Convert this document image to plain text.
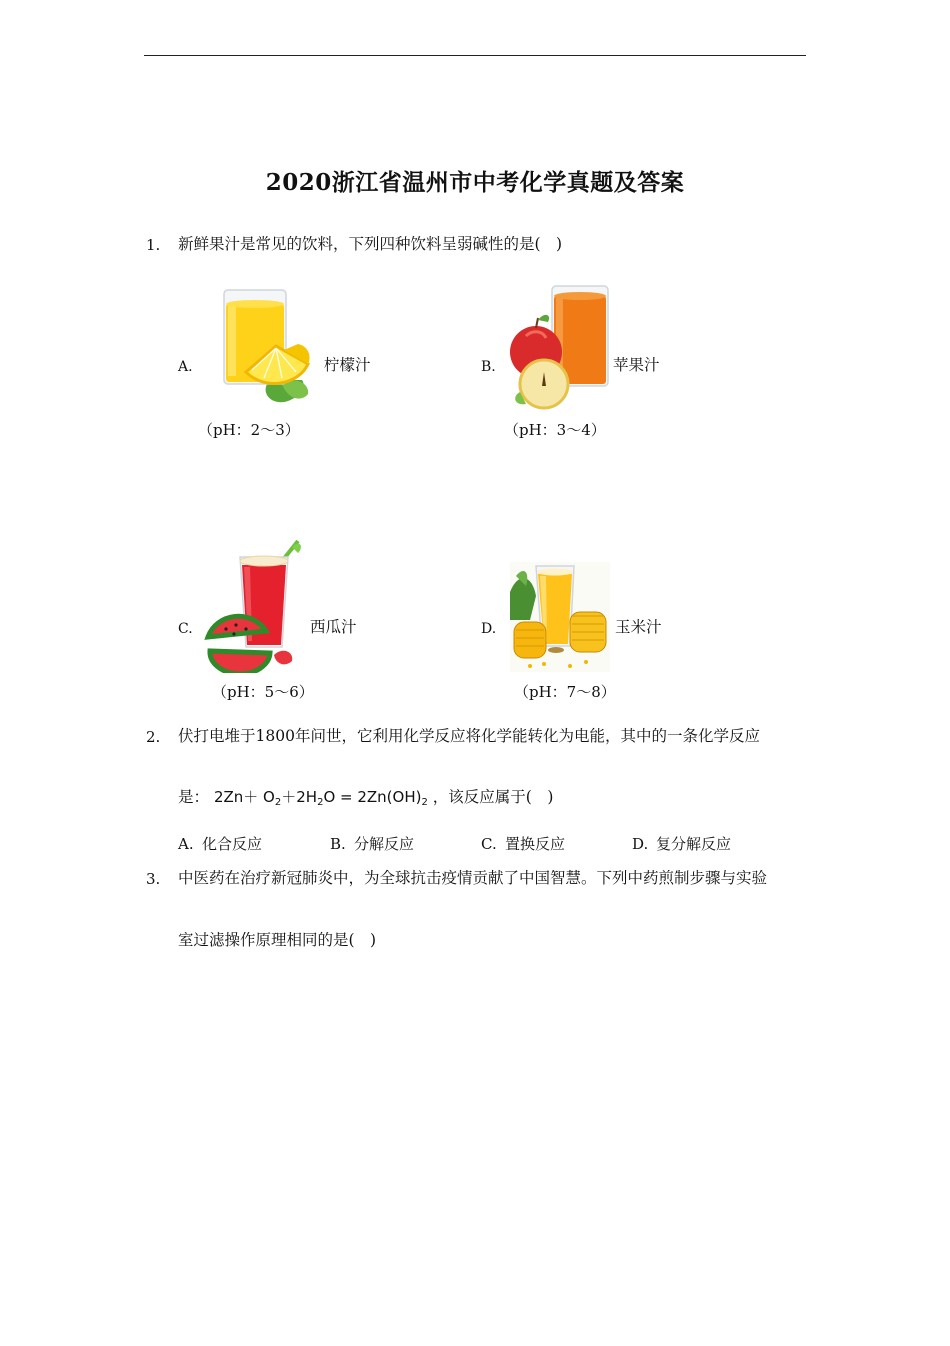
2020浙江省温州市中考化学真题及答案
1. 新鲜果汁是常见的饮料，下列四种饮料呈弱碱性的是(　)
A.	柠檬汁
（pH：2～3）
B.	苹果汁
（pH：3～4）
C.	西瓜汁
（pH：5～6）
D.	玉米汁
（pH：7～8）
2. 伏打电堆于1800年问世，它利用化学反应将化学能转化为电能，其中的一条化学反应
是： $2Zn+ O_2+2H_2O = 2Zn(OH)_2$ ，该反应属于(　)
A. 化合反应	B. 分解反应	C. 置换反应	D. 复分解反应
3. 中医药在治疗新冠肺炎中，为全球抗击疫情贡献了中国智慧。下列中药煎制步骤与实验
室过滤操作原理相同的是(　)
